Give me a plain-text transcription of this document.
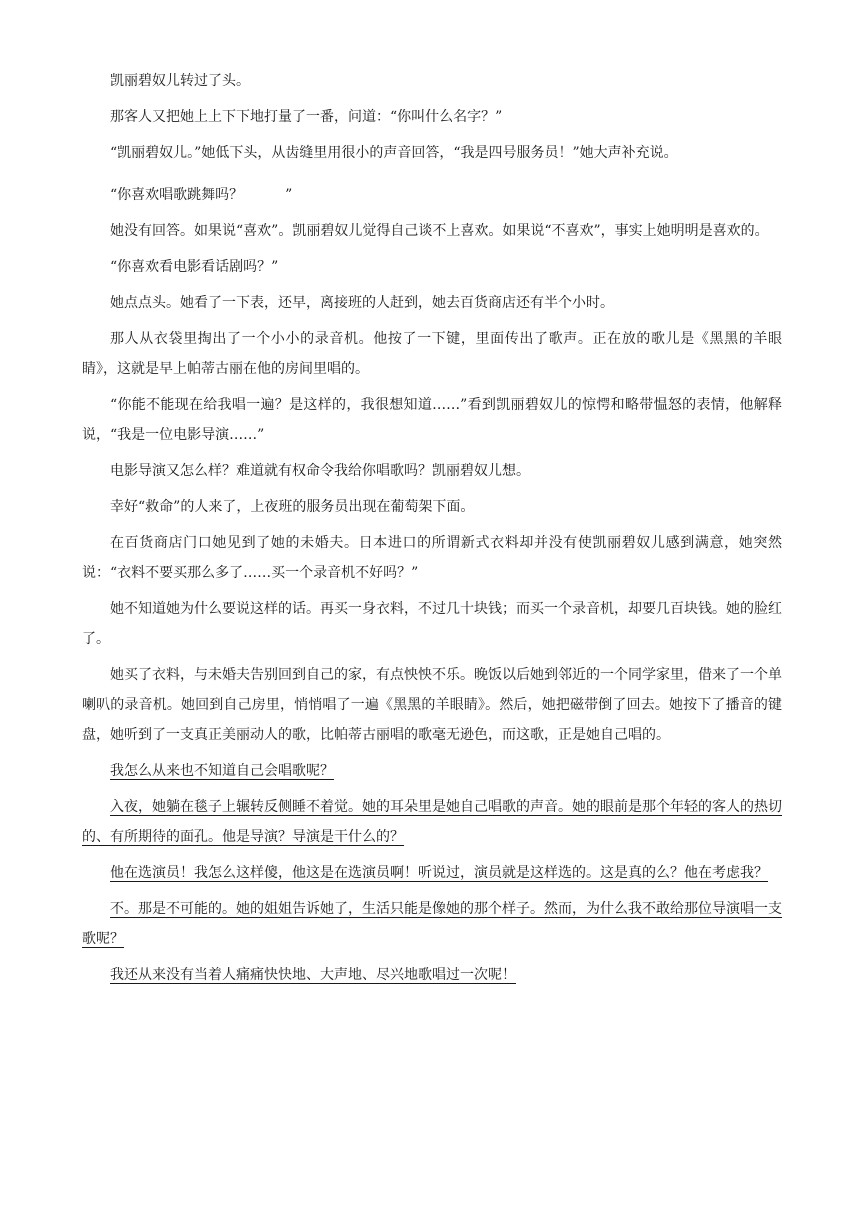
凯丽碧奴儿转过了头。

那客人又把她上上下下地打量了一番，问道：“你叫什么名字？”

“凯丽碧奴儿。”她低下头，从齿缝里用很小的声音回答，“我是四号服务员！”她大声补充说。

“你喜欢唱歌跳舞吗？　　　”

她没有回答。如果说“喜欢”。凯丽碧奴儿觉得自己谈不上喜欢。如果说“不喜欢”，事实上她明明是喜欢的。

“你喜欢看电影看话剧吗？”

她点点头。她看了一下表，还早，离接班的人赶到，她去百货商店还有半个小时。

那人从衣袋里掏出了一个小小的录音机。他按了一下键，里面传出了歌声。正在放的歌儿是《黑黑的羊眼睛》，这就是早上帕蒂古丽在他的房间里唱的。

“你能不能现在给我唱一遍？是这样的，我很想知道……”看到凯丽碧奴儿的惊愕和略带愠怒的表情，他解释说，“我是一位电影导演……”

电影导演又怎么样？难道就有权命令我给你唱歌吗？凯丽碧奴儿想。

幸好“救命”的人来了，上夜班的服务员出现在葡萄架下面。

在百货商店门口她见到了她的未婚夫。日本进口的所谓新式衣料却并没有使凯丽碧奴儿感到满意，她突然说：“衣料不要买那么多了……买一个录音机不好吗？”

她不知道她为什么要说这样的话。再买一身衣料，不过几十块钱；而买一个录音机，却要几百块钱。她的脸红了。

她买了衣料，与未婚夫告别回到自己的家，有点怏怏不乐。晚饭以后她到邻近的一个同学家里，借来了一个单喇叭的录音机。她回到自己房里，悄悄唱了一遍《黑黑的羊眼睛》。然后，她把磁带倒了回去。她按下了播音的键盘，她听到了一支真正美丽动人的歌，比帕蒂古丽唱的歌毫无逊色，而这歌，正是她自己唱的。

我怎么从来也不知道自己会唱歌呢？

入夜，她躺在毯子上辗转反侧睡不着觉。她的耳朵里是她自己唱歌的声音。她的眼前是那个年轻的客人的热切的、有所期待的面孔。他是导演？导演是干什么的？

他在选演员！我怎么这样傻，他这是在选演员啊！听说过，演员就是这样选的。这是真的么？他在考虑我？

不。那是不可能的。她的姐姐告诉她了，生活只能是像她的那个样子。然而，为什么我不敢给那位导演唱一支歌呢？

我还从来没有当着人痛痛快快地、大声地、尽兴地歌唱过一次呢！
